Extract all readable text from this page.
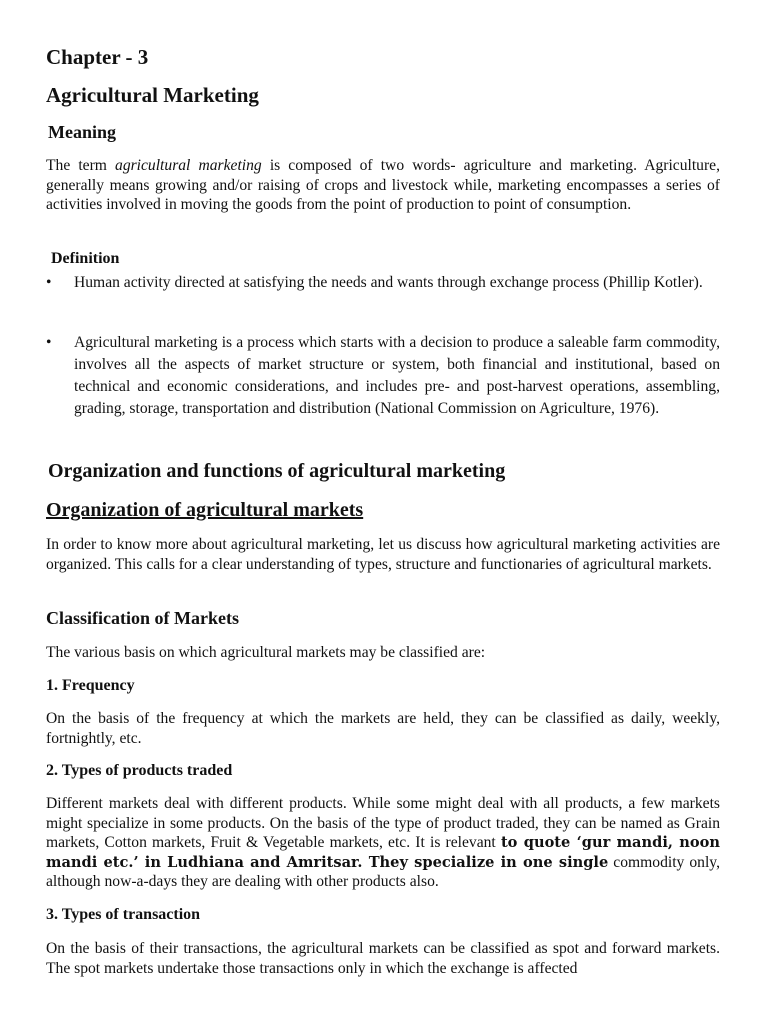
Chapter - 3
Agricultural Marketing
Meaning

The term agricultural marketing is composed of two words- agriculture and marketing. Agriculture, generally means growing and/or raising of crops and livestock while, marketing encompasses a series of activities involved in moving the goods from the point of production to point of consumption.

Definition
• Human activity directed at satisfying the needs and wants through exchange process (Phillip Kotler).
• Agricultural marketing is a process which starts with a decision to produce a saleable farm commodity, involves all the aspects of market structure or system, both financial and institutional, based on technical and economic considerations, and includes pre- and post-harvest operations, assembling, grading, storage, transportation and distribution (National Commission on Agriculture, 1976).
Organization and functions of agricultural marketing
Organization of agricultural markets

In order to know more about agricultural marketing, let us discuss how agricultural marketing activities are organized. This calls for a clear understanding of types, structure and functionaries of agricultural markets.

Classification of Markets

The various basis on which agricultural markets may be classified are:

1. Frequency

On the basis of the frequency at which the markets are held, they can be classified as daily, weekly, fortnightly, etc.

2. Types of products traded

Different markets deal with different products. While some might deal with all products, a few markets might specialize in some products. On the basis of the type of product traded, they can be named as Grain markets, Cotton markets, Fruit & Vegetable markets, etc. It is relevant to quote ‘gur mandi, noon mandi etc.’ in Ludhiana and Amritsar. They specialize in one single commodity only, although now-a-days they are dealing with other products also.

3. Types of transaction

On the basis of their transactions, the agricultural markets can be classified as spot and forward markets. The spot markets undertake those transactions only in which the exchange is affected
